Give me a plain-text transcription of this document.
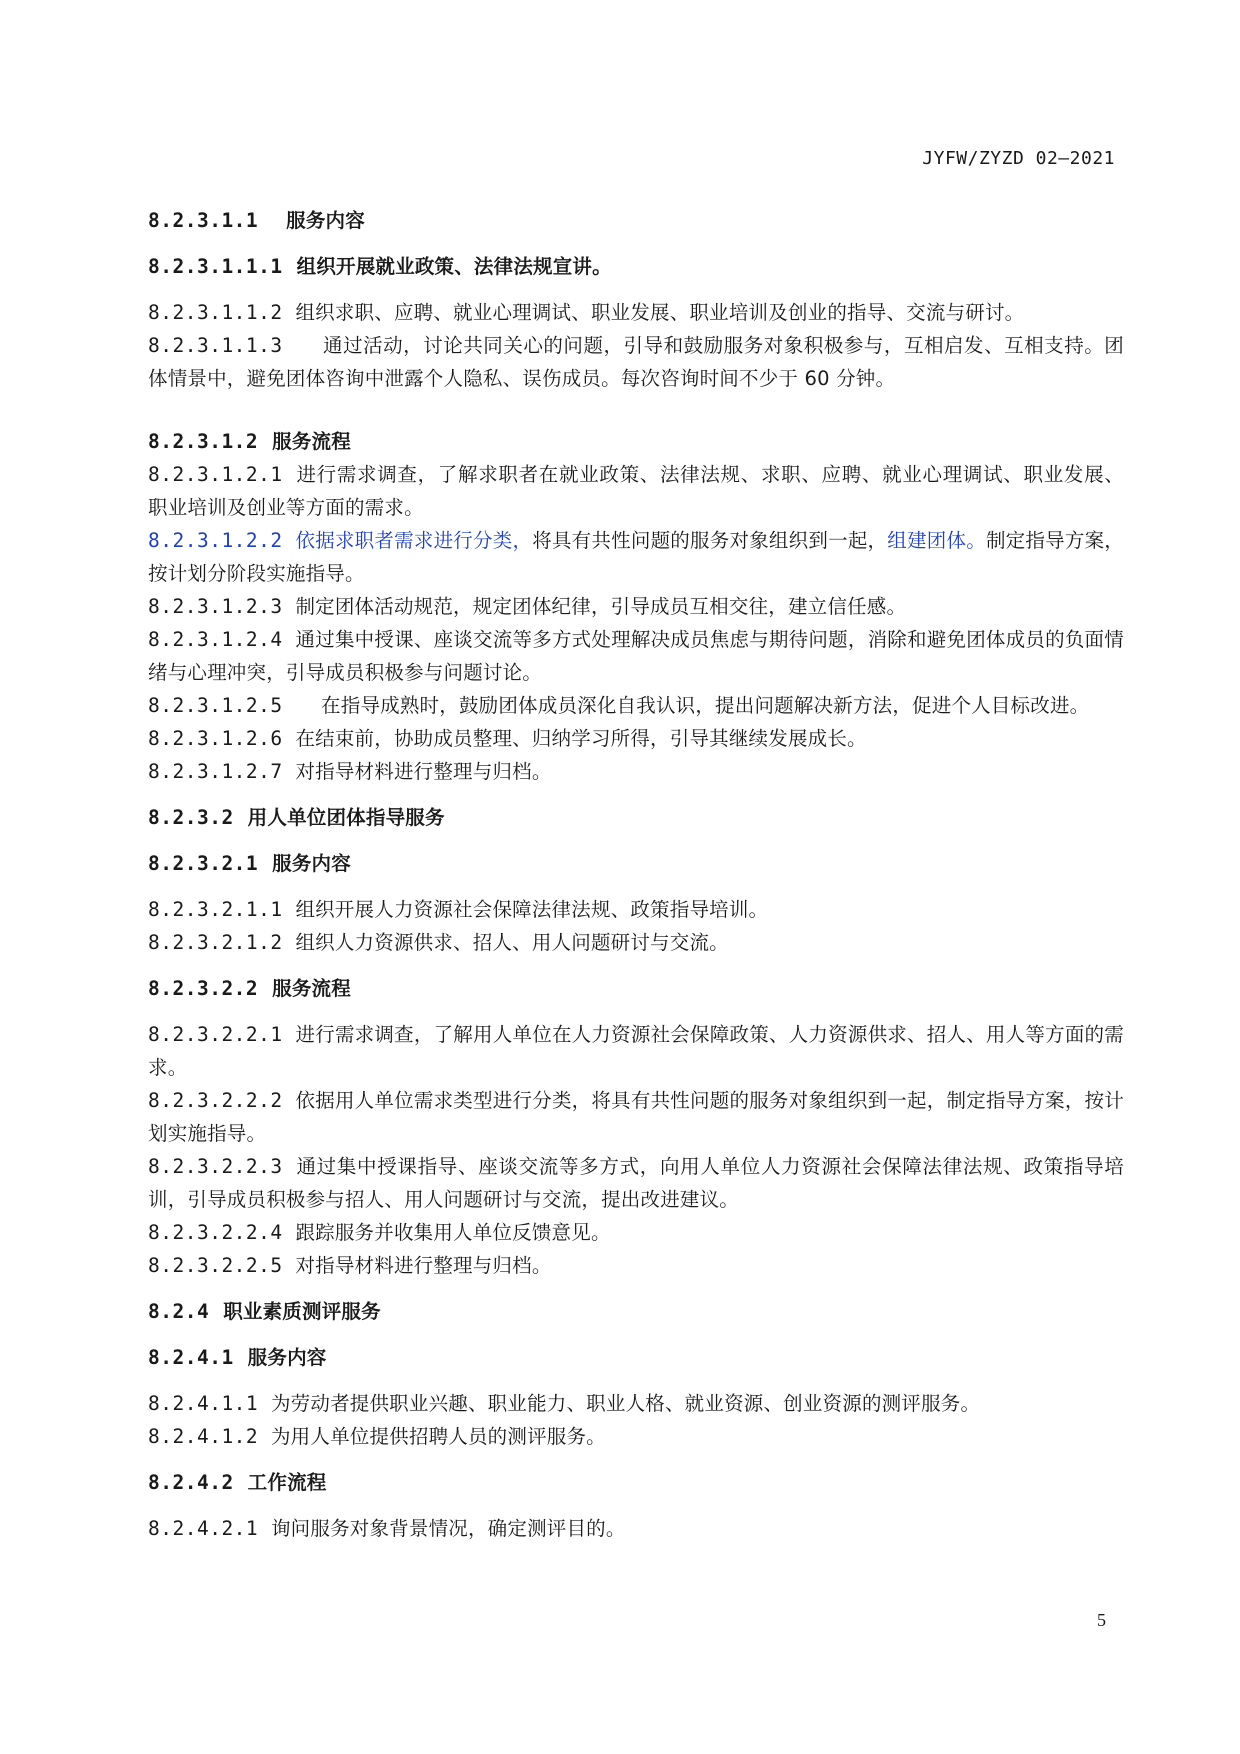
JYFW/ZYZD 02—2021

8.2.3.1.1 服务内容

8.2.3.1.1.1 组织开展就业政策、法律法规宣讲。

8.2.3.1.1.2 组织求职、应聘、就业心理调试、职业发展、职业培训及创业的指导、交流与研讨。

8.2.3.1.1.3 通过活动，讨论共同关心的问题，引导和鼓励服务对象积极参与，互相启发、互相支持。团体情景中，避免团体咨询中泄露个人隐私、误伤成员。每次咨询时间不少于 60 分钟。

8.2.3.1.2 服务流程

8.2.3.1.2.1 进行需求调查，了解求职者在就业政策、法律法规、求职、应聘、就业心理调试、职业发展、 职业培训及创业等方面的需求。

8.2.3.1.2.2 依据求职者需求进行分类，将具有共性问题的服务对象组织到一起，组建团体。制定指导方案，按计划分阶段实施指导。

8.2.3.1.2.3 制定团体活动规范，规定团体纪律，引导成员互相交往，建立信任感。

8.2.3.1.2.4 通过集中授课、座谈交流等多方式处理解决成员焦虑与期待问题，消除和避免团体成员的负面情绪与心理冲突，引导成员积极参与问题讨论。

8.2.3.1.2.5 在指导成熟时，鼓励团体成员深化自我认识，提出问题解决新方法，促进个人目标改进。

8.2.3.1.2.6 在结束前，协助成员整理、归纳学习所得，引导其继续发展成长。

8.2.3.1.2.7 对指导材料进行整理与归档。

8.2.3.2 用人单位团体指导服务

8.2.3.2.1 服务内容

8.2.3.2.1.1 组织开展人力资源社会保障法律法规、政策指导培训。

8.2.3.2.1.2 组织人力资源供求、招人、用人问题研讨与交流。

8.2.3.2.2 服务流程

8.2.3.2.2.1 进行需求调查，了解用人单位在人力资源社会保障政策、人力资源供求、招人、用人等方面的需求。

8.2.3.2.2.2 依据用人单位需求类型进行分类，将具有共性问题的服务对象组织到一起，制定指导方案，按计划实施指导。

8.2.3.2.2.3 通过集中授课指导、座谈交流等多方式，向用人单位人力资源社会保障法律法规、政策指导培训，引导成员积极参与招人、用人问题研讨与交流，提出改进建议。

8.2.3.2.2.4 跟踪服务并收集用人单位反馈意见。

8.2.3.2.2.5 对指导材料进行整理与归档。

8.2.4 职业素质测评服务

8.2.4.1 服务内容

8.2.4.1.1 为劳动者提供职业兴趣、职业能力、职业人格、就业资源、创业资源的测评服务。

8.2.4.1.2 为用人单位提供招聘人员的测评服务。

8.2.4.2 工作流程

8.2.4.2.1 询问服务对象背景情况，确定测评目的。

5
